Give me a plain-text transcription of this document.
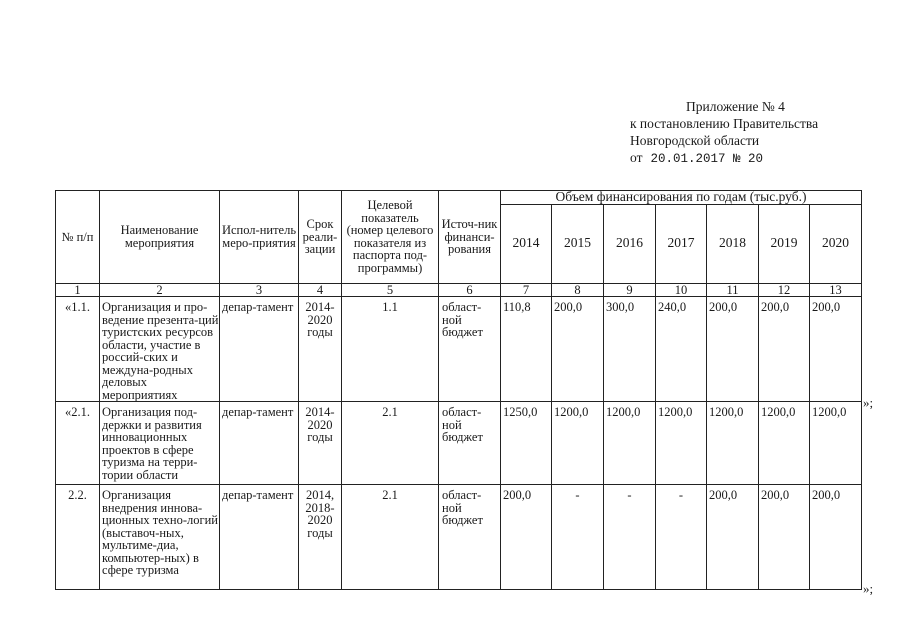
Приложение № 4
к постановлению Правительства
Новгородской области
от 20.01.2017 № 20
№ п/п	Наименование мероприятия	Испол-нитель меро-приятия	Срок реали-зации	Целевой показатель (номер целевого показателя из паспорта под-программы)	Источ-ник финанси-рования	Объем финансирования по годам (тыс.руб.)						
						2014	2015	2016	2017	2018	2019	2020
1	2	3	4	5	6	7	8	9	10	11	12	13
«1.1.	Организация и про-ведение презента-ций туристских ресурсов области, участие в россий-ских и междуна-родных деловых мероприятиях	депар-тамент	2014-2020 годы	1.1	област-ной бюджет	110,8	200,0	300,0	240,0	200,0	200,0	200,0
«2.1.	Организация под-держки и развития инновационных проектов в сфере туризма на терри-тории области	депар-тамент	2014-2020 годы	2.1	област-ной бюджет	1250,0	1200,0	1200,0	1200,0	1200,0	1200,0	1200,0
2.2.	Организация внедрения иннова-ционных техно-логий (выставоч-ных, мультиме-диа, компьютер-ных) в сфере туризма	депар-тамент	2014, 2018-2020 годы	2.1	област-ной бюджет	200,0	-	-	-	200,0	200,0	200,0
»;
»;
